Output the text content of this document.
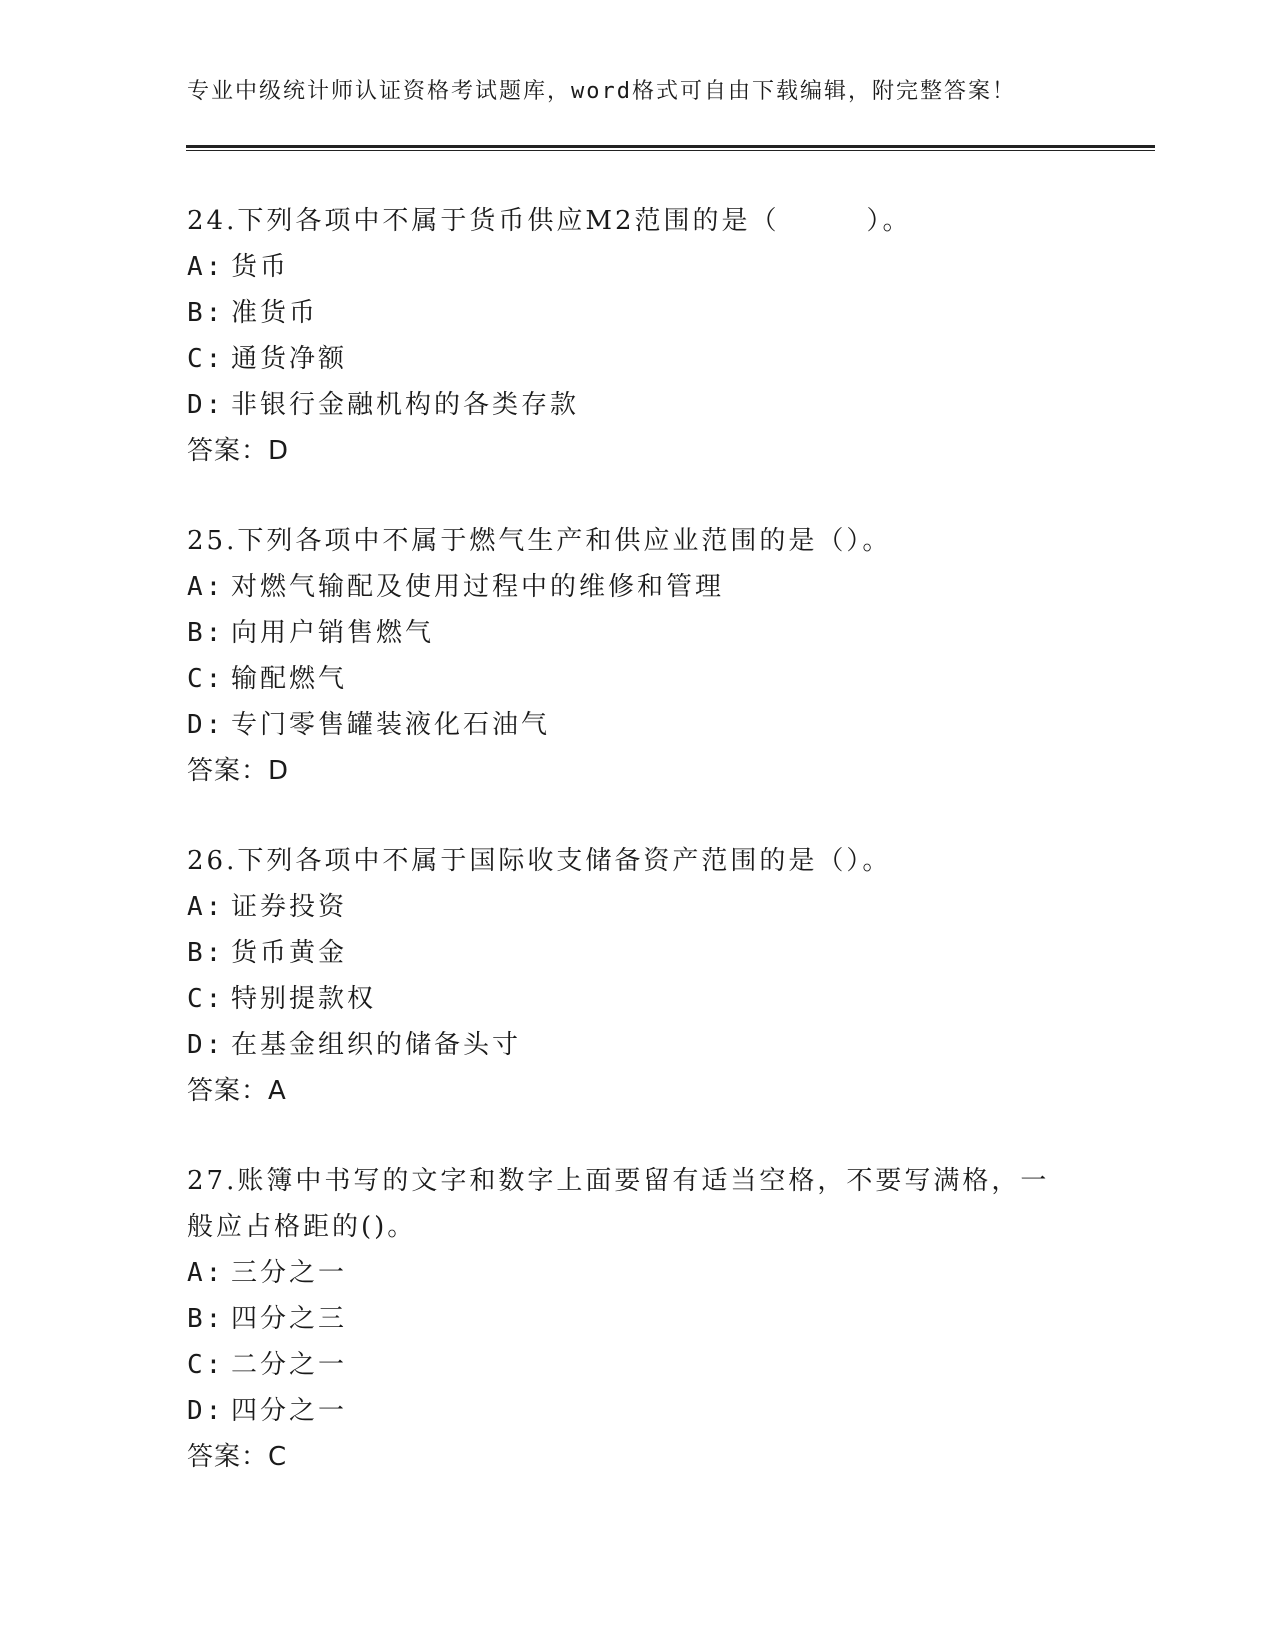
专业中级统计师认证资格考试题库，word格式可自由下载编辑，附完整答案！
24.下列各项中不属于货币供应M2范围的是（　　　）。
A: 货币
B: 准货币
C: 通货净额
D: 非银行金融机构的各类存款
答案：D
25.下列各项中不属于燃气生产和供应业范围的是（）。
A: 对燃气输配及使用过程中的维修和管理
B: 向用户销售燃气
C: 输配燃气
D: 专门零售罐装液化石油气
答案：D
26.下列各项中不属于国际收支储备资产范围的是（）。
A: 证券投资
B: 货币黄金
C: 特别提款权
D: 在基金组织的储备头寸
答案：A
27.账簿中书写的文字和数字上面要留有适当空格，不要写满格，一般应占格距的()。
A: 三分之一
B: 四分之三
C: 二分之一
D: 四分之一
答案：C
